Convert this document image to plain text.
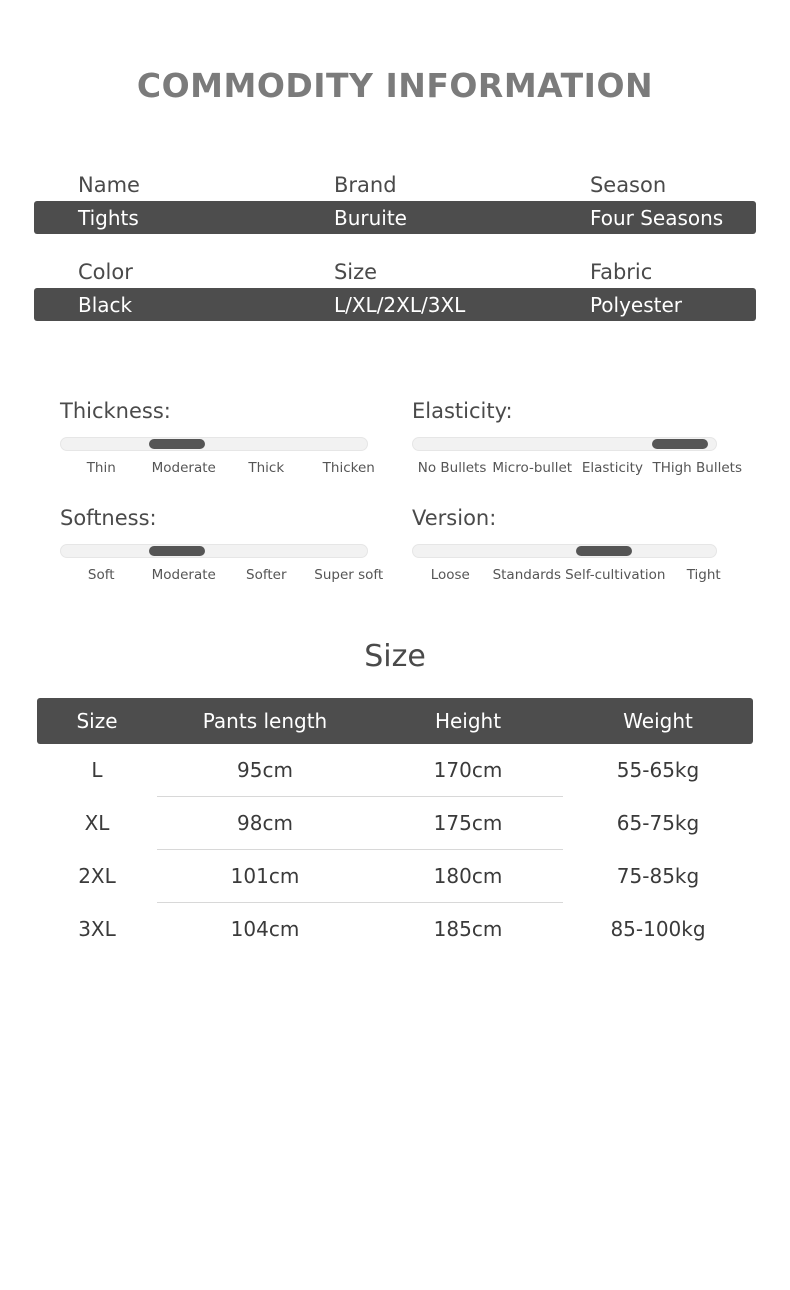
COMMODITY INFORMATION
Name	Brand	Season
Tights	Buruite	Four Seasons
Color	Size	Fabric
Black	L/XL/2XL/3XL	Polyester
Thickness:
Thin	Moderate	Thick	Thicken
Elasticity:
No Bullets Micro-bullet Elasticity THigh Bullets
Softness:
Soft	Moderate	Softer	Super soft
Version:
Loose	Standards Self-cultivation	Tight
Size
Size	Pants length	Height	Weight
L	95cm	170cm	55-65kg
XL	98cm	175cm	65-75kg
2XL	101cm	180cm	75-85kg
3XL	104cm	185cm	85-100kg
